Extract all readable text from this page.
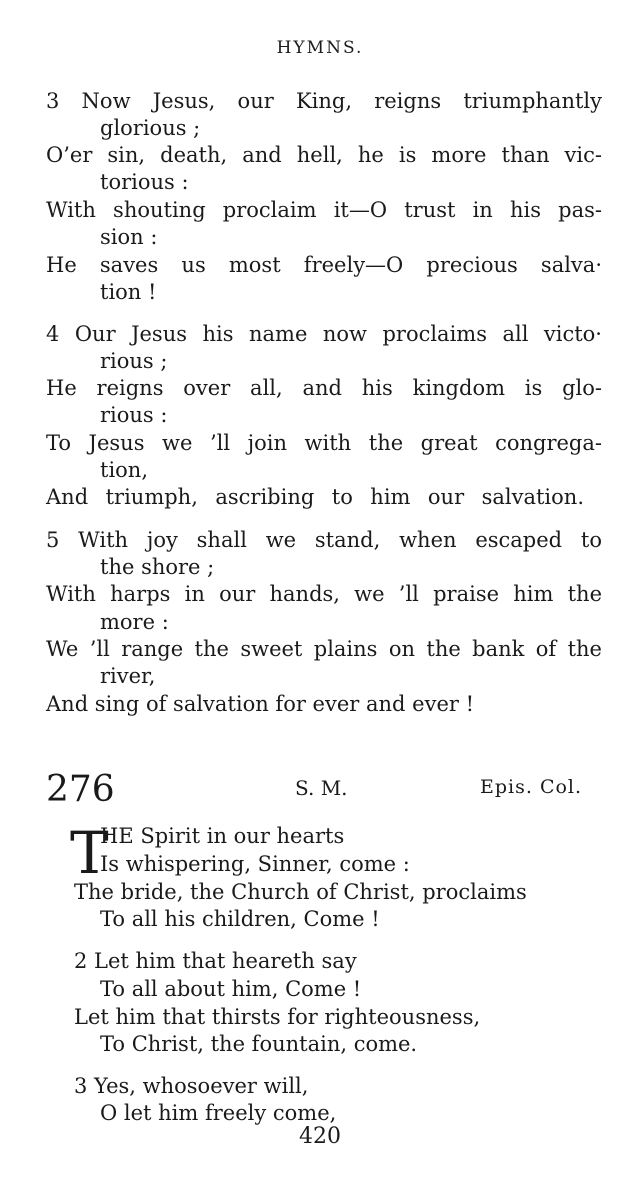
HYMNS.
3 Now Jesus, our King, reigns triumphantly
glorious ;
O’er sin, death, and hell, he is more than vic-
torious :
With shouting proclaim it—O trust in his pas-
sion :
He saves us most freely—O precious salva·
tion !
4 Our Jesus his name now proclaims all victo·
rious ;
He reigns over all, and his kingdom is glo-
rious :
To Jesus we ’ll join with the great congrega-
tion,
And triumph, ascribing to him our salvation.
5 With joy shall we stand, when escaped to
the shore ;
With harps in our hands, we ’ll praise him the
more :
We ’ll range the sweet plains on the bank of the
river,
And sing of salvation for ever and ever !
276	S. M.	Epis. Col.
T
HE Spirit in our hearts
Is whispering, Sinner, come :
The bride, the Church of Christ, proclaims
To all his children, Come !
2 Let him that heareth say
To all about him, Come !
Let him that thirsts for righteousness,
To Christ, the fountain, come.
3 Yes, whosoever will,
O let him freely come,
420
